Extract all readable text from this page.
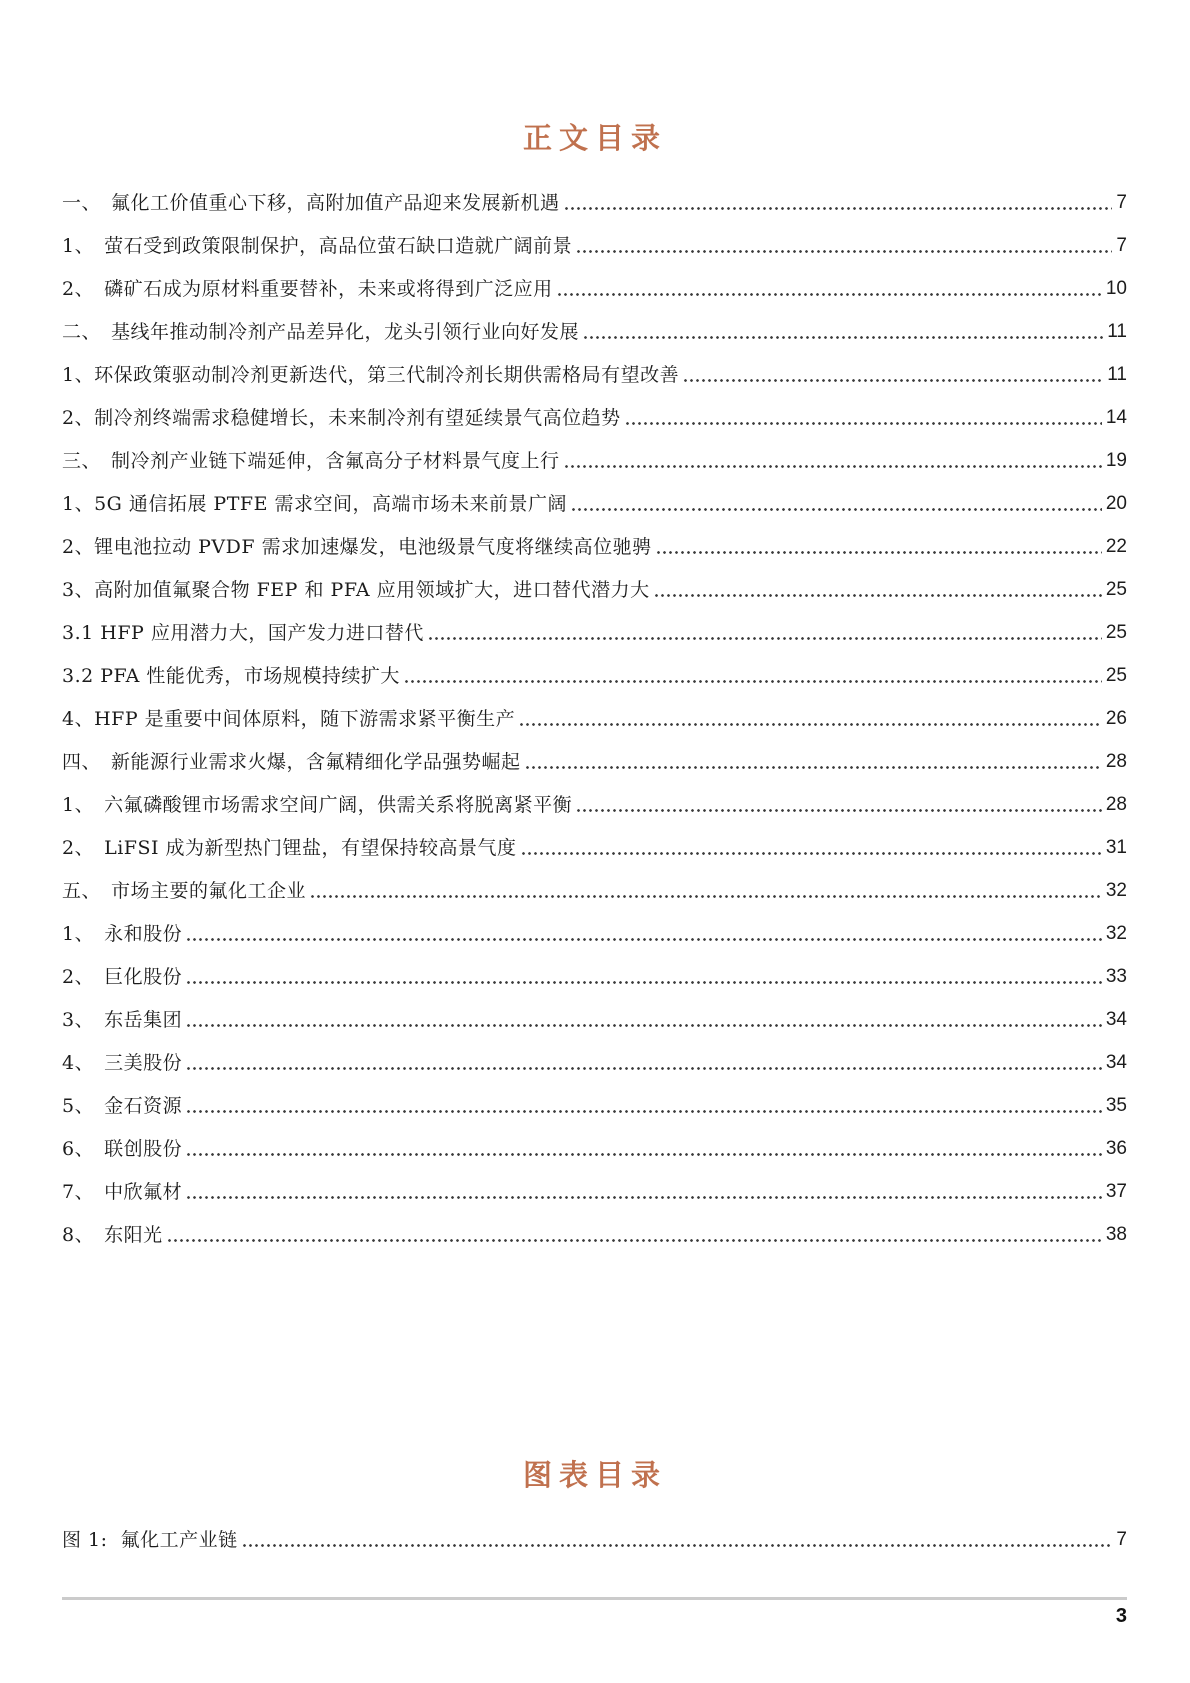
正文目录
一、　氟化工价值重心下移，高附加值产品迎来发展新机遇	7
1、　萤石受到政策限制保护，高品位萤石缺口造就广阔前景	7
2、　磷矿石成为原材料重要替补，未来或将得到广泛应用	10
二、　基线年推动制冷剂产品差异化，龙头引领行业向好发展	11
1、环保政策驱动制冷剂更新迭代，第三代制冷剂长期供需格局有望改善	11
2、制冷剂终端需求稳健增长，未来制冷剂有望延续景气高位趋势	14
三、　制冷剂产业链下端延伸，含氟高分子材料景气度上行	19
1、5G 通信拓展 PTFE 需求空间，高端市场未来前景广阔	20
2、锂电池拉动 PVDF 需求加速爆发，电池级景气度将继续高位驰骋	22
3、高附加值氟聚合物 FEP 和 PFA 应用领域扩大，进口替代潜力大	25
3.1 HFP 应用潜力大，国产发力进口替代	25
3.2 PFA 性能优秀，市场规模持续扩大	25
4、HFP 是重要中间体原料，随下游需求紧平衡生产	26
四、　新能源行业需求火爆，含氟精细化学品强势崛起	28
1、　六氟磷酸锂市场需求空间广阔，供需关系将脱离紧平衡	28
2、　LiFSI 成为新型热门锂盐，有望保持较高景气度	31
五、　市场主要的氟化工企业	32
1、　永和股份	32
2、　巨化股份	33
3、　东岳集团	34
4、　三美股份	34
5、　金石资源	35
6、　联创股份	36
7、　中欣氟材	37
8、　东阳光	38
图表目录
图 1:  氟化工产业链	7
3
